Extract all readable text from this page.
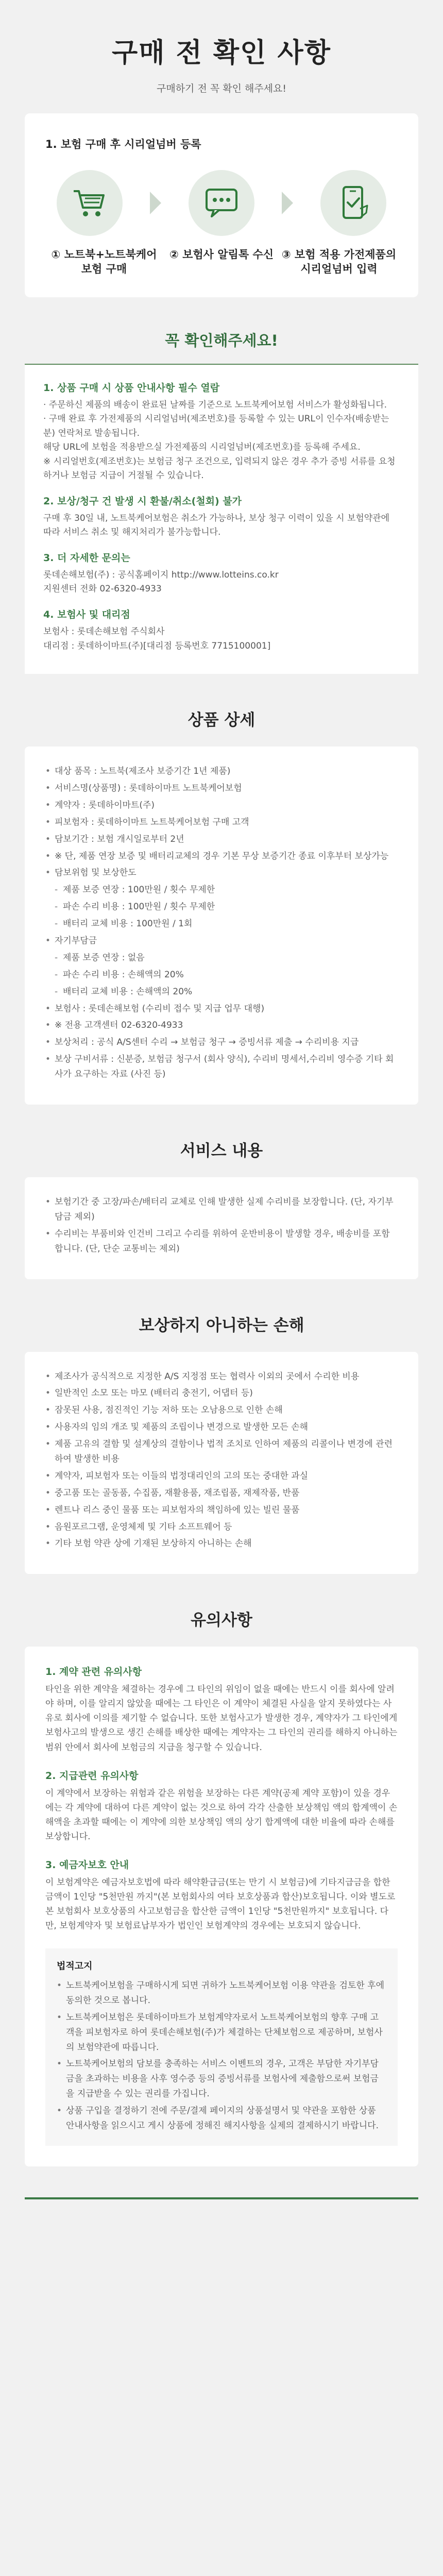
구매 전 확인 사항

구매하기 전 꼭 확인 해주세요!

1. 보험 구매 후 시리얼넘버 등록
① 노트북+노트북케어 보험 구매
② 보험사 알림톡 수신 ③ 보험 적용 가전제품의 시리얼넘버 입력
꼭 확인해주세요!
1. 상품 구매 시 상품 안내사항 필수 열람
· 주문하신 제품의 배송이 완료된 날짜를 기준으로 노트북케어보험 서비스가 활성화됩니다.
· 구매 완료 후 가전제품의 시리얼넘버(제조번호)를 등록할 수 있는 URL이 인수자(배송받는 분) 연락처로 발송됩니다.
해당 URL에 보험을 적용받으실 가전제품의 시리얼넘버(제조번호)를 등록해 주세요.
※ 시리얼번호(제조번호)는 보험금 청구 조건으로, 입력되지 않은 경우 추가 증빙 서류를 요청하거나 보험금 지급이 거절될 수 있습니다.
2. 보상/청구 건 발생 시 환불/취소(철회) 불가
구매 후 30일 내, 노트북케어보험은 취소가 가능하나, 보상 청구 이력이 있을 시 보험약관에 따라 서비스 취소 및 해지처리가 불가능합니다.
3. 더 자세한 문의는
롯데손해보험(주) : 공식홈페이지 http://www.lotteins.co.kr
지원센터 전화 02-6320-4933
4. 보험사 및 대리점
보험사 : 롯데손해보험 주식회사
대리점 : 롯데하이마트(주)[대리점 등록번호 7715100001]
상품 상세
• 대상 품목 : 노트북(제조사 보증기간 1년 제품)
• 서비스명(상품명) : 롯데하이마트 노트북케어보험
• 계약자 : 롯데하이마트(주)
• 피보험자 : 롯데하이마트 노트북케어보험 구매 고객
• 담보기간 : 보험 개시일로부터 2년
• ※ 단, 제품 연장 보증 및 배터리교체의 경우 기본 무상 보증기간 종료 이후부터 보상가능
• 담보위험 및 보상한도
- 제품 보증 연장 : 100만원 / 횟수 무제한
- 파손 수리 비용 : 100만원 / 횟수 무제한
- 배터리 교체 비용 : 100만원 / 1회
• 자기부담금
- 제품 보증 연장 : 없음
- 파손 수리 비용 : 손해액의 20%
- 배터리 교체 비용 : 손해액의 20%
• 보험사 : 롯데손해보험 (수리비 접수 및 지급 업무 대행)
• ※ 전용 고객센터 02-6320-4933
• 보상처리 : 공식 A/S센터 수리 → 보험금 청구 → 증빙서류 제출 → 수리비용 지급
• 보상 구비서류 : 신분증, 보험금 청구서 (회사 양식), 수리비 명세서,수리비 영수증 기타 회사가 요구하는 자료 (사진 등)
서비스 내용
• 보험기간 중 고장/파손/배터리 교체로 인해 발생한 실제 수리비를 보장합니다. (단, 자기부담금 제외)
• 수리비는 부품비와 인건비 그리고 수리를 위하여 운반비용이 발생할 경우, 배송비를 포함합니다. (단, 단순 교통비는 제외)
보상하지 아니하는 손해
• 제조사가 공식적으로 지정한 A/S 지정점 또는 협력사 이외의 곳에서 수리한 비용
• 일반적인 소모 또는 마모 (배터리 충전기, 어댑터 등)
• 잠못된 사용, 점진적인 기능 저하 또는 오남용으로 인한 손해
• 사용자의 임의 개조 및 제품의 조립이나 변경으로 발생한 모든 손해
• 제품 고유의 결함 및 설계상의 결함이나 법적 조치로 인하여 제품의 리콜이나 변경에 관련하여 발생한 비용
• 계약자, 피보험자 또는 이들의 법정대리인의 고의 또는 중대한 과실
• 중고품 또는 골동품, 수집품, 재활용품, 재조립품, 재제작품, 반품
• 렌트나 리스 중인 물품 또는 피보험자의 책임하에 있는 빌린 물품
• 음원포르그램, 운영체제 및 기타 소프트웨어 등
• 기타 보험 약관 상에 기재된 보상하지 아니하는 손해
유의사항
1. 계약 관련 유의사항
타인을 위한 계약을 체결하는 경우에 그 타인의 위임이 없을 때에는 반드시 이를 회사에 알려야 하며, 이를 알리지 않았을 때에는 그 타인은 이 계약이 체결된 사실을 알지 못하였다는 사유로 회사에 이의를 제기할 수 없습니다. 또한 보험사고가 발생한 경우, 계약자가 그 타인에게 보험사고의 발생으로 생긴 손해를 배상한 때에는 계약자는 그 타인의 권리를 해하지 아니하는 범위 안에서 회사에 보험금의 지급을 청구할 수 있습니다.
2. 지급관련 유의사항
이 계약에서 보장하는 위험과 같은 위험을 보장하는 다른 계약(공제 계약 포함)이 있을 경우에는 각 계약에 대하여 다른 계약이 없는 것으로 하여 각각 산출한 보상책임 액의 합계액이 손해액을 초과할 때에는 이 계약에 의한 보상책임 액의 상기 합계액에 대한 비율에 따라 손해를 보상합니다.
3. 예금자보호 안내
이 보험계약은 예금자보호법에 따라 해약환급금(또는 만기 시 보험금)에 기타지급금을 합한 금액이 1인당 "5천만원 까지"(본 보험회사의 여타 보호상품과 합산)보호됩니다. 이와 별도로 본 보험회사 보호상품의 사고보험금을 합산한 금액이 1인당 "5천만원까지" 보호됩니다. 다만, 보험계약자 및 보험료납부자가 법인인 보험계약의 경우에는 보호되지 않습니다.
법적고지
• 노트북케어보험을 구매하시게 되면 귀하가 노트북케어보험 이용 약관을 검토한 후에 동의한 것으로 봅니다.
• 노트북케어보험은 롯데하이마트가 보험계약자로서 노트북케어보험의 향후 구매 고객을 피보험자로 하여 롯데손해보험(주)가 체결하는 단체보험으로 제공하며, 보험사의 보험약관에 따릅니다.
• 노트북케어보험의 담보를 충족하는 서비스 이벤트의 경우, 고객은 부담한 자기부담금을 초과하는 비용을 사후 영수증 등의 증빙서류를 보험사에 제출함으로써 보험금을 지급받을 수 있는 권리를 가집니다.
• 상품 구입을 결정하기 전에 주문/결제 페이지의 상품설명서 및 약관을 포함한 상품 안내사항을 읽으시고 게시 상품에 정해진 해지사항을 실제의 결제하시기 바랍니다.
